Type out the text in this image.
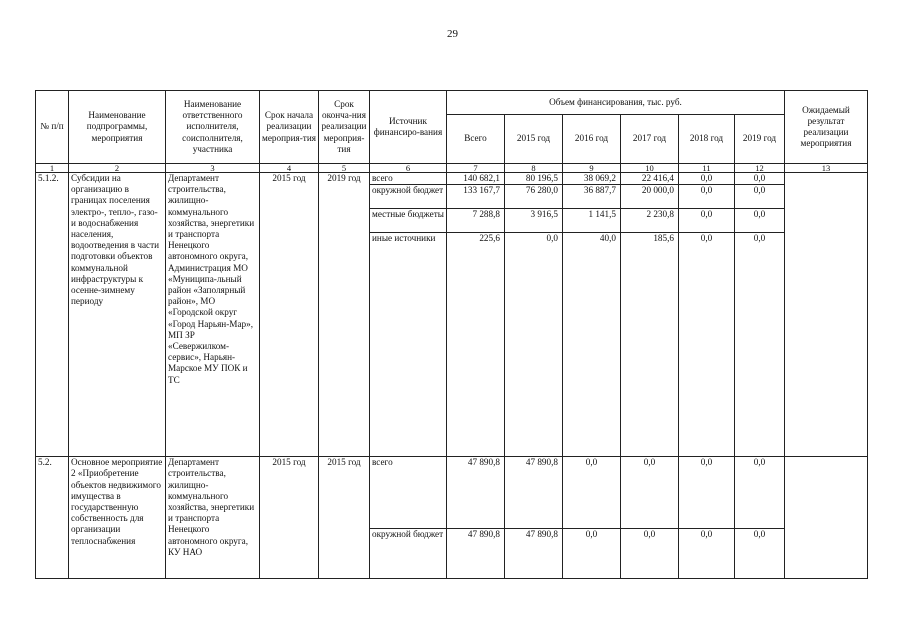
29
№ п/п	Наименование подпрограммы, мероприятия	Наименование ответственного исполнителя, соисполнителя, участника	Срок начала реализации мероприя-тия	Срок оконча-ния реализации мероприя-тия	Источник финансиро-вания	Объем финансирования, тыс. руб.						Ожидаемый результат реализации мероприятия
						Всего	2015 год	2016 год	2017 год	2018 год	2019 год	
1	2	3	4	5	6	7	8	9	10	11	12	13
5.1.2.	Субсидии на организацию в границах поселения электро-, тепло-, газо- и водоснабжения населения, водоотведения в части подготовки объектов коммунальной инфраструктуры к осенне-зимнему периоду	Департамент строительства, жилищно-коммунального хозяйства, энергетики и транспорта Ненецкого автономного округа, Администрация МО «Муниципа-льный район «Заполярный район», МО «Городской округ «Город Нарьян-Мар», МП ЗР «Севержилком-сервис», Нарьян-Марское МУ ПОК и ТС	2015 год	2019 год	всего	140 682,1	80 196,5	38 069,2	22 416,4	0,0	0,0	
					окружной бюджет	133 167,7	76 280,0	36 887,7	20 000,0	0,0	0,0	
					местные бюджеты	7 288,8	3 916,5	1 141,5	2 230,8	0,0	0,0	
					иные источники	225,6	0,0	40,0	185,6	0,0	0,0	
5.2.	Основное мероприятие 2 «Приобретение объектов недвижимого имущества в государственную собственность для организации теплоснабжения	Департамент строительства, жилищно-коммунального хозяйства, энергетики и транспорта Ненецкого автономного округа, КУ НАО	2015 год	2015 год	всего	47 890,8	47 890,8	0,0	0,0	0,0	0,0	
					окружной бюджет	47 890,8	47 890,8	0,0	0,0	0,0	0,0	
